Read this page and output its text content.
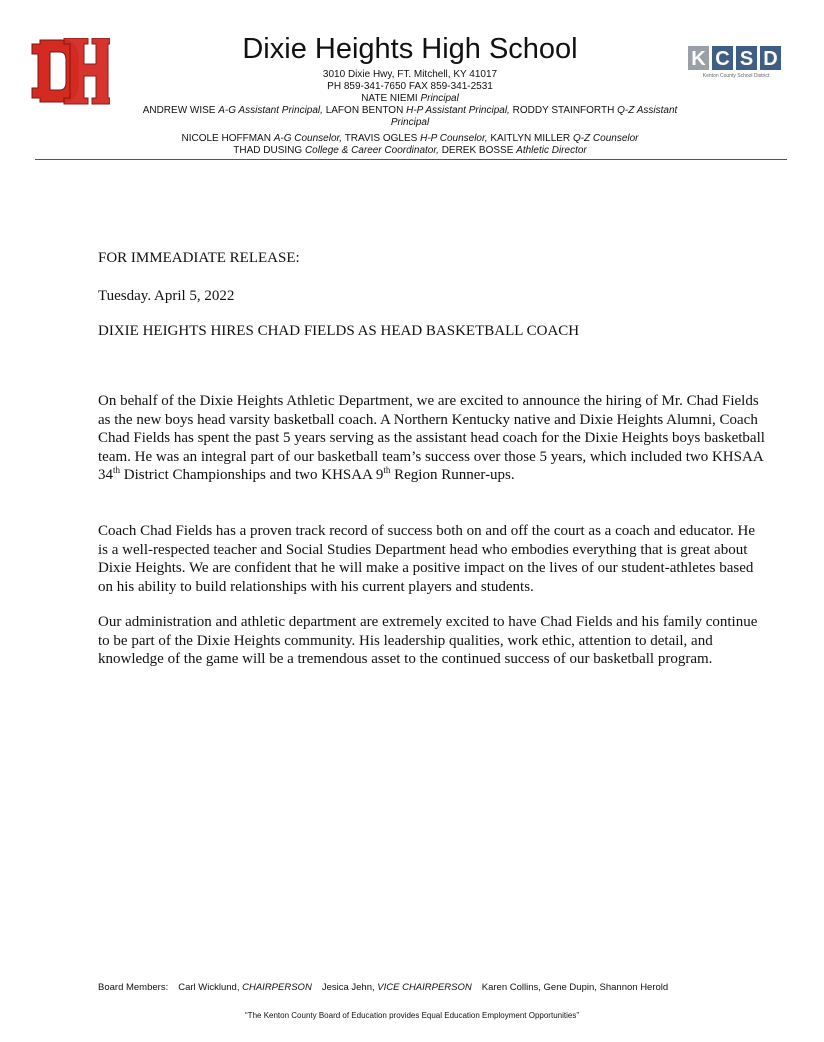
K C S D
Kenton County School District
Dixie Heights High School
3010 Dixie Hwy, FT. Mitchell, KY 41017
PH 859-341-7650 FAX 859-341-2531
NATE NIEMI Principal
ANDREW WISE A-G Assistant Principal, LAFON BENTON H-P Assistant Principal, RODDY STAINFORTH Q-Z Assistant Principal
NICOLE HOFFMAN A-G Counselor, TRAVIS OGLES H-P Counselor, KAITLYN MILLER Q-Z Counselor
THAD DUSING College & Career Coordinator, DEREK BOSSE Athletic Director
FOR IMMEADIATE RELEASE:
Tuesday. April 5, 2022
DIXIE HEIGHTS HIRES CHAD FIELDS AS HEAD BASKETBALL COACH
On behalf of the Dixie Heights Athletic Department, we are excited to announce the hiring of Mr. Chad Fields as the new boys head varsity basketball coach. A Northern Kentucky native and Dixie Heights Alumni, Coach Chad Fields has spent the past 5 years serving as the assistant head coach for the Dixie Heights boys basketball team. He was an integral part of our basketball team’s success over those 5 years, which included two KHSAA 34th District Championships and two KHSAA 9th Region Runner-ups.
Coach Chad Fields has a proven track record of success both on and off the court as a coach and educator. He is a well-respected teacher and Social Studies Department head who embodies everything that is great about Dixie Heights. We are confident that he will make a positive impact on the lives of our student-athletes based on his ability to build relationships with his current players and students.
Our administration and athletic department are extremely excited to have Chad Fields and his family continue to be part of the Dixie Heights community. His leadership qualities, work ethic, attention to detail, and knowledge of the game will be a tremendous asset to the continued success of our basketball program.
Board Members: Carl Wicklund, CHAIRPERSON Jesica Jehn, VICE CHAIRPERSON Karen Collins, Gene Dupin, Shannon Herold
“The Kenton County Board of Education provides Equal Education Employment Opportunities”
